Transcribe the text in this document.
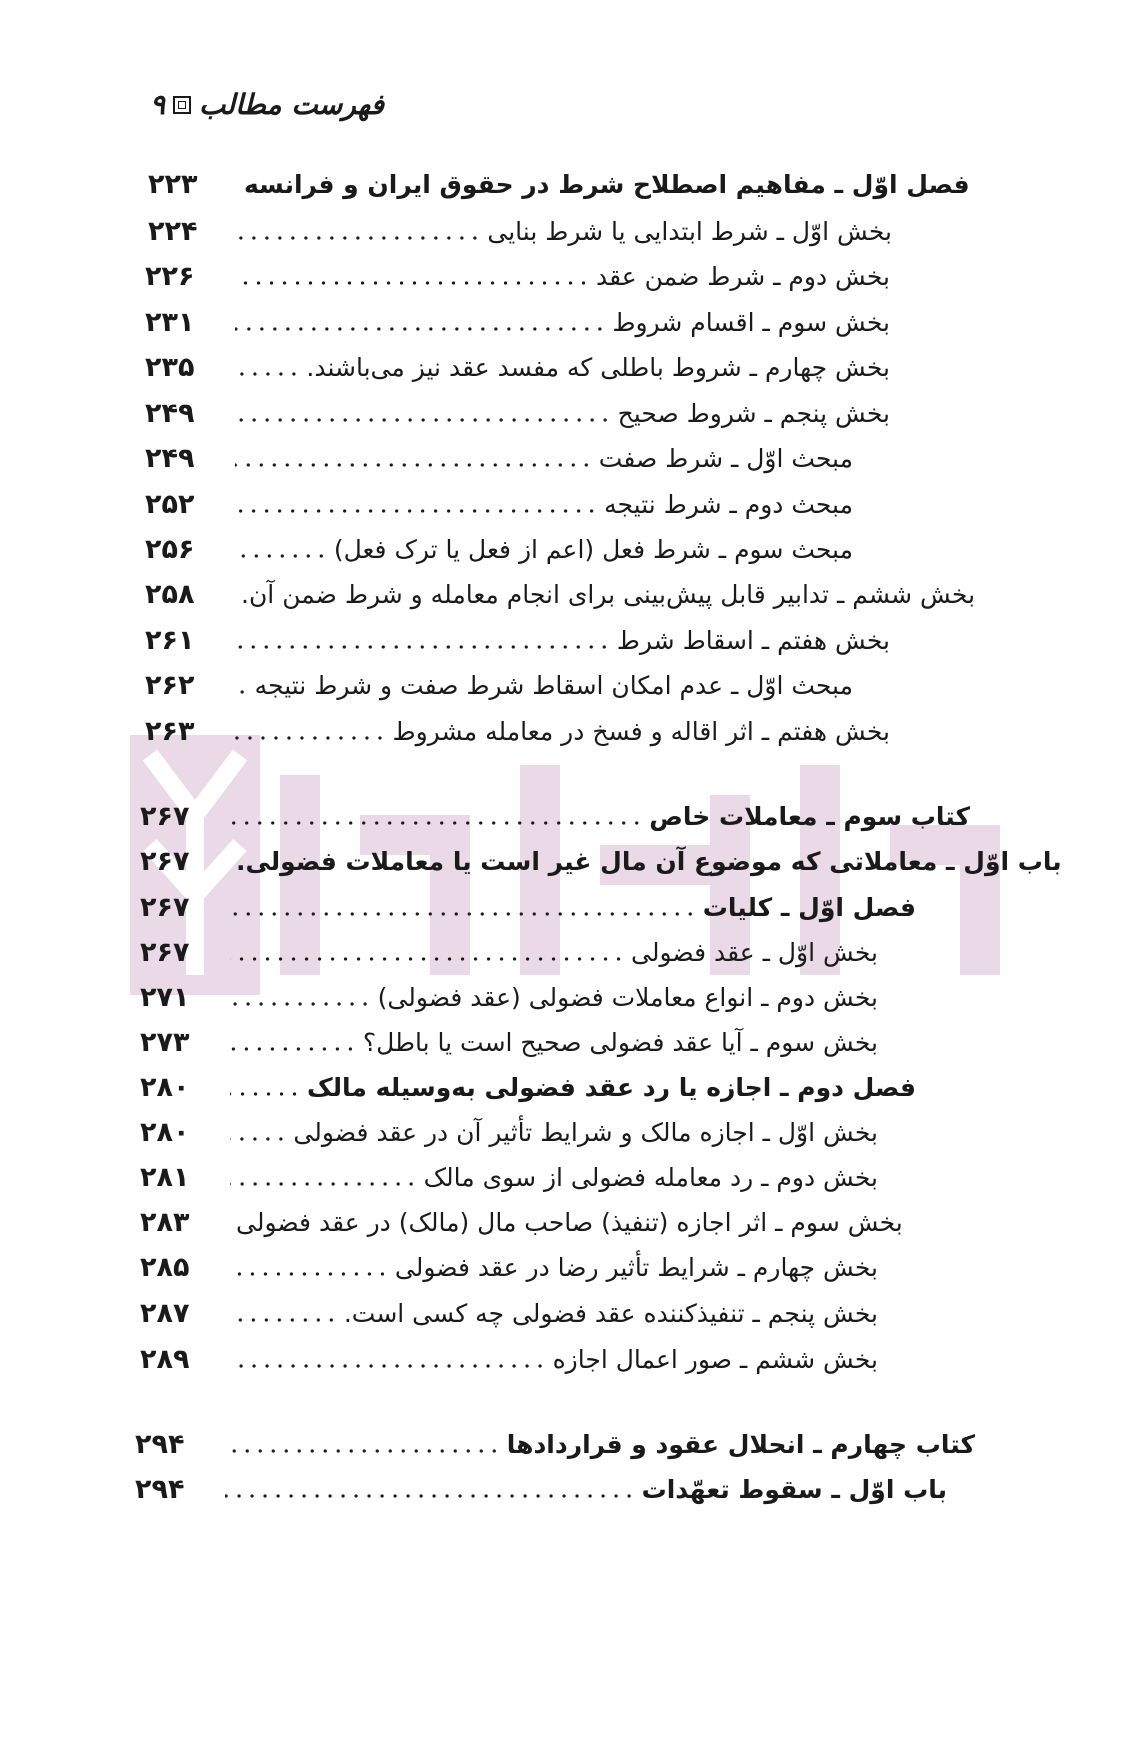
فهرست مطالب
۹
۲۲۳	فصل اوّل ـ مفاهیم اصطلاح شرط در حقوق ایران و فرانسه
۲۲۴	بخش اوّل ـ شرط ابتدایی یا شرط بنایی
۲۲۶	بخش دوم ـ شرط ضمن عقد
۲۳۱	بخش سوم ـ اقسام شروط
۲۳۵	بخش چهارم ـ شروط باطلی که مفسد عقد نیز می‌باشند.
۲۴۹	بخش پنجم ـ شروط صحیح
۲۴۹	مبحث اوّل ـ شرط صفت
۲۵۲	مبحث دوم ـ شرط نتیجه
۲۵۶	مبحث سوم ـ شرط فعل (اعم از فعل یا ترک فعل)
۲۵۸	بخش ششم ـ تدابیر قابل پیش‌بینی برای انجام معامله و شرط ضمن آن.
۲۶۱	بخش هفتم ـ اسقاط شرط
۲۶۲	مبحث اوّل ـ عدم امکان اسقاط شرط صفت و شرط نتیجه
۲۶۳	بخش هفتم ـ اثر اقاله و فسخ در معامله مشروط
۲۶۷	کتاب سوم ـ معاملات خاص
۲۶۷	باب اوّل ـ معاملاتی که موضوع آن مال غیر است یا معاملات فضولی.
۲۶۷	فصل اوّل ـ کلیات
۲۶۷	بخش اوّل ـ عقد فضولی
۲۷۱	بخش دوم ـ انواع معاملات فضولی (عقد فضولی)
۲۷۳	بخش سوم ـ آیا عقد فضولی صحیح است یا باطل؟
۲۸۰	فصل دوم ـ اجازه یا رد عقد فضولی به‌وسیله مالک
۲۸۰	بخش اوّل ـ اجازه مالک و شرایط تأثیر آن در عقد فضولی
۲۸۱	بخش دوم ـ رد معامله فضولی از سوی مالک
۲۸۳	بخش سوم ـ اثر اجازه (تنفیذ) صاحب مال (مالک) در عقد فضولی
۲۸۵	بخش چهارم ـ شرایط تأثیر رضا در عقد فضولی
۲۸۷	بخش پنجم ـ تنفیذکننده عقد فضولی چه کسی است.
۲۸۹	بخش ششم ـ صور اعمال اجازه
۲۹۴	کتاب چهارم ـ انحلال عقود و قراردادها
۲۹۴	باب اوّل ـ سقوط تعهّدات
